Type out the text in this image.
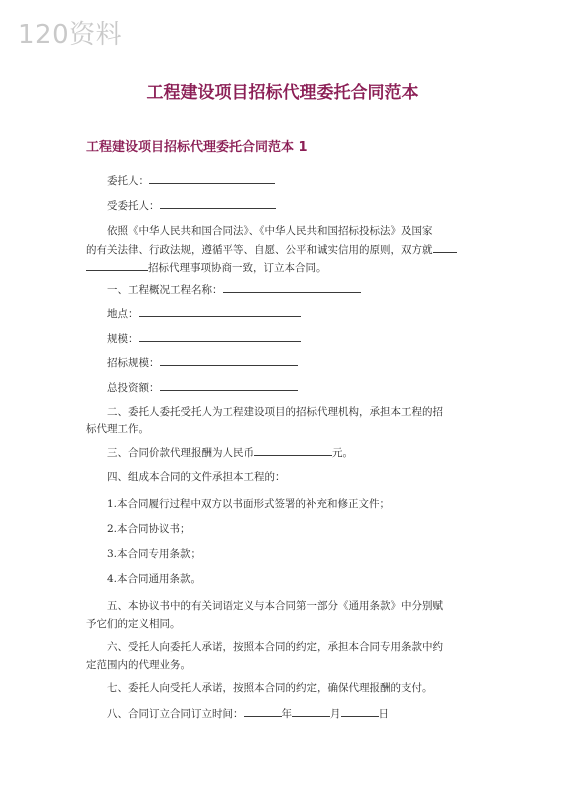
120资料
工程建设项目招标代理委托合同范本
工程建设项目招标代理委托合同范本 1
委托人：
受委托人：
依照《中华人民共和国合同法》、《中华人民共和国招标投标法》及国家
的有关法律、行政法规，遵循平等、自愿、公平和诚实信用的原则，双方就
招标代理事项协商一致，订立本合同。
一、工程概况工程名称：
地点：
规模：
招标规模：
总投资额：
二、委托人委托受托人为工程建设项目的招标代理机构，承担本工程的招
标代理工作。
三、合同价款代理报酬为人民币	元。
四、组成本合同的文件承担本工程的：
1.本合同履行过程中双方以书面形式签署的补充和修正文件；
2.本合同协议书；
3.本合同专用条款；
4.本合同通用条款。
五、本协议书中的有关词语定义与本合同第一部分《通用条款》中分别赋
予它们的定义相同。
六、受托人向委托人承诺，按照本合同的约定，承担本合同专用条款中约
定范围内的代理业务。
七、委托人向受托人承诺，按照本合同的约定，确保代理报酬的支付。
八、合同订立合同订立时间：	年	月	日
